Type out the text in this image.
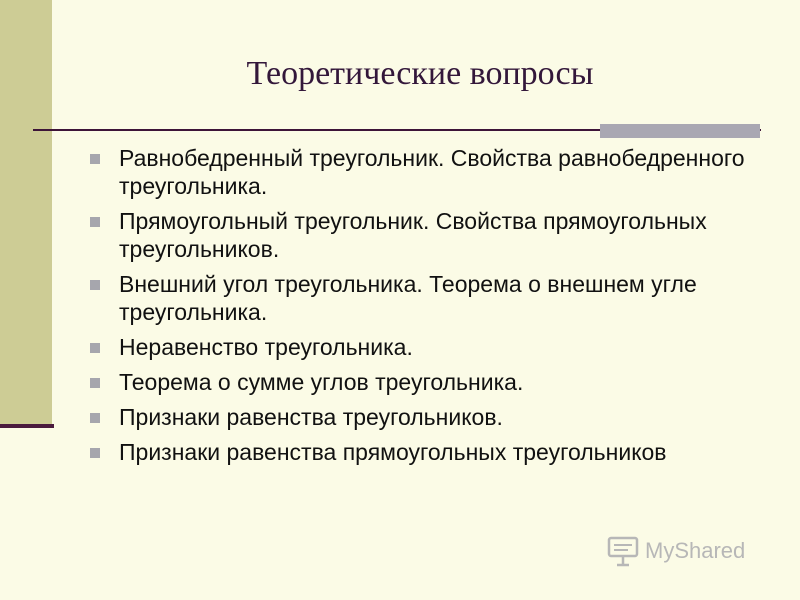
Теоретические вопросы
Равнобедренный треугольник. Свойства равнобедренного треугольника.
Прямоугольный треугольник. Свойства прямоугольных треугольников.
Внешний угол треугольника. Теорема о внешнем угле треугольника.
Неравенство треугольника.
Теорема о сумме углов треугольника.
Признаки равенства треугольников.
Признаки равенства прямоугольных треугольников
MyShared
